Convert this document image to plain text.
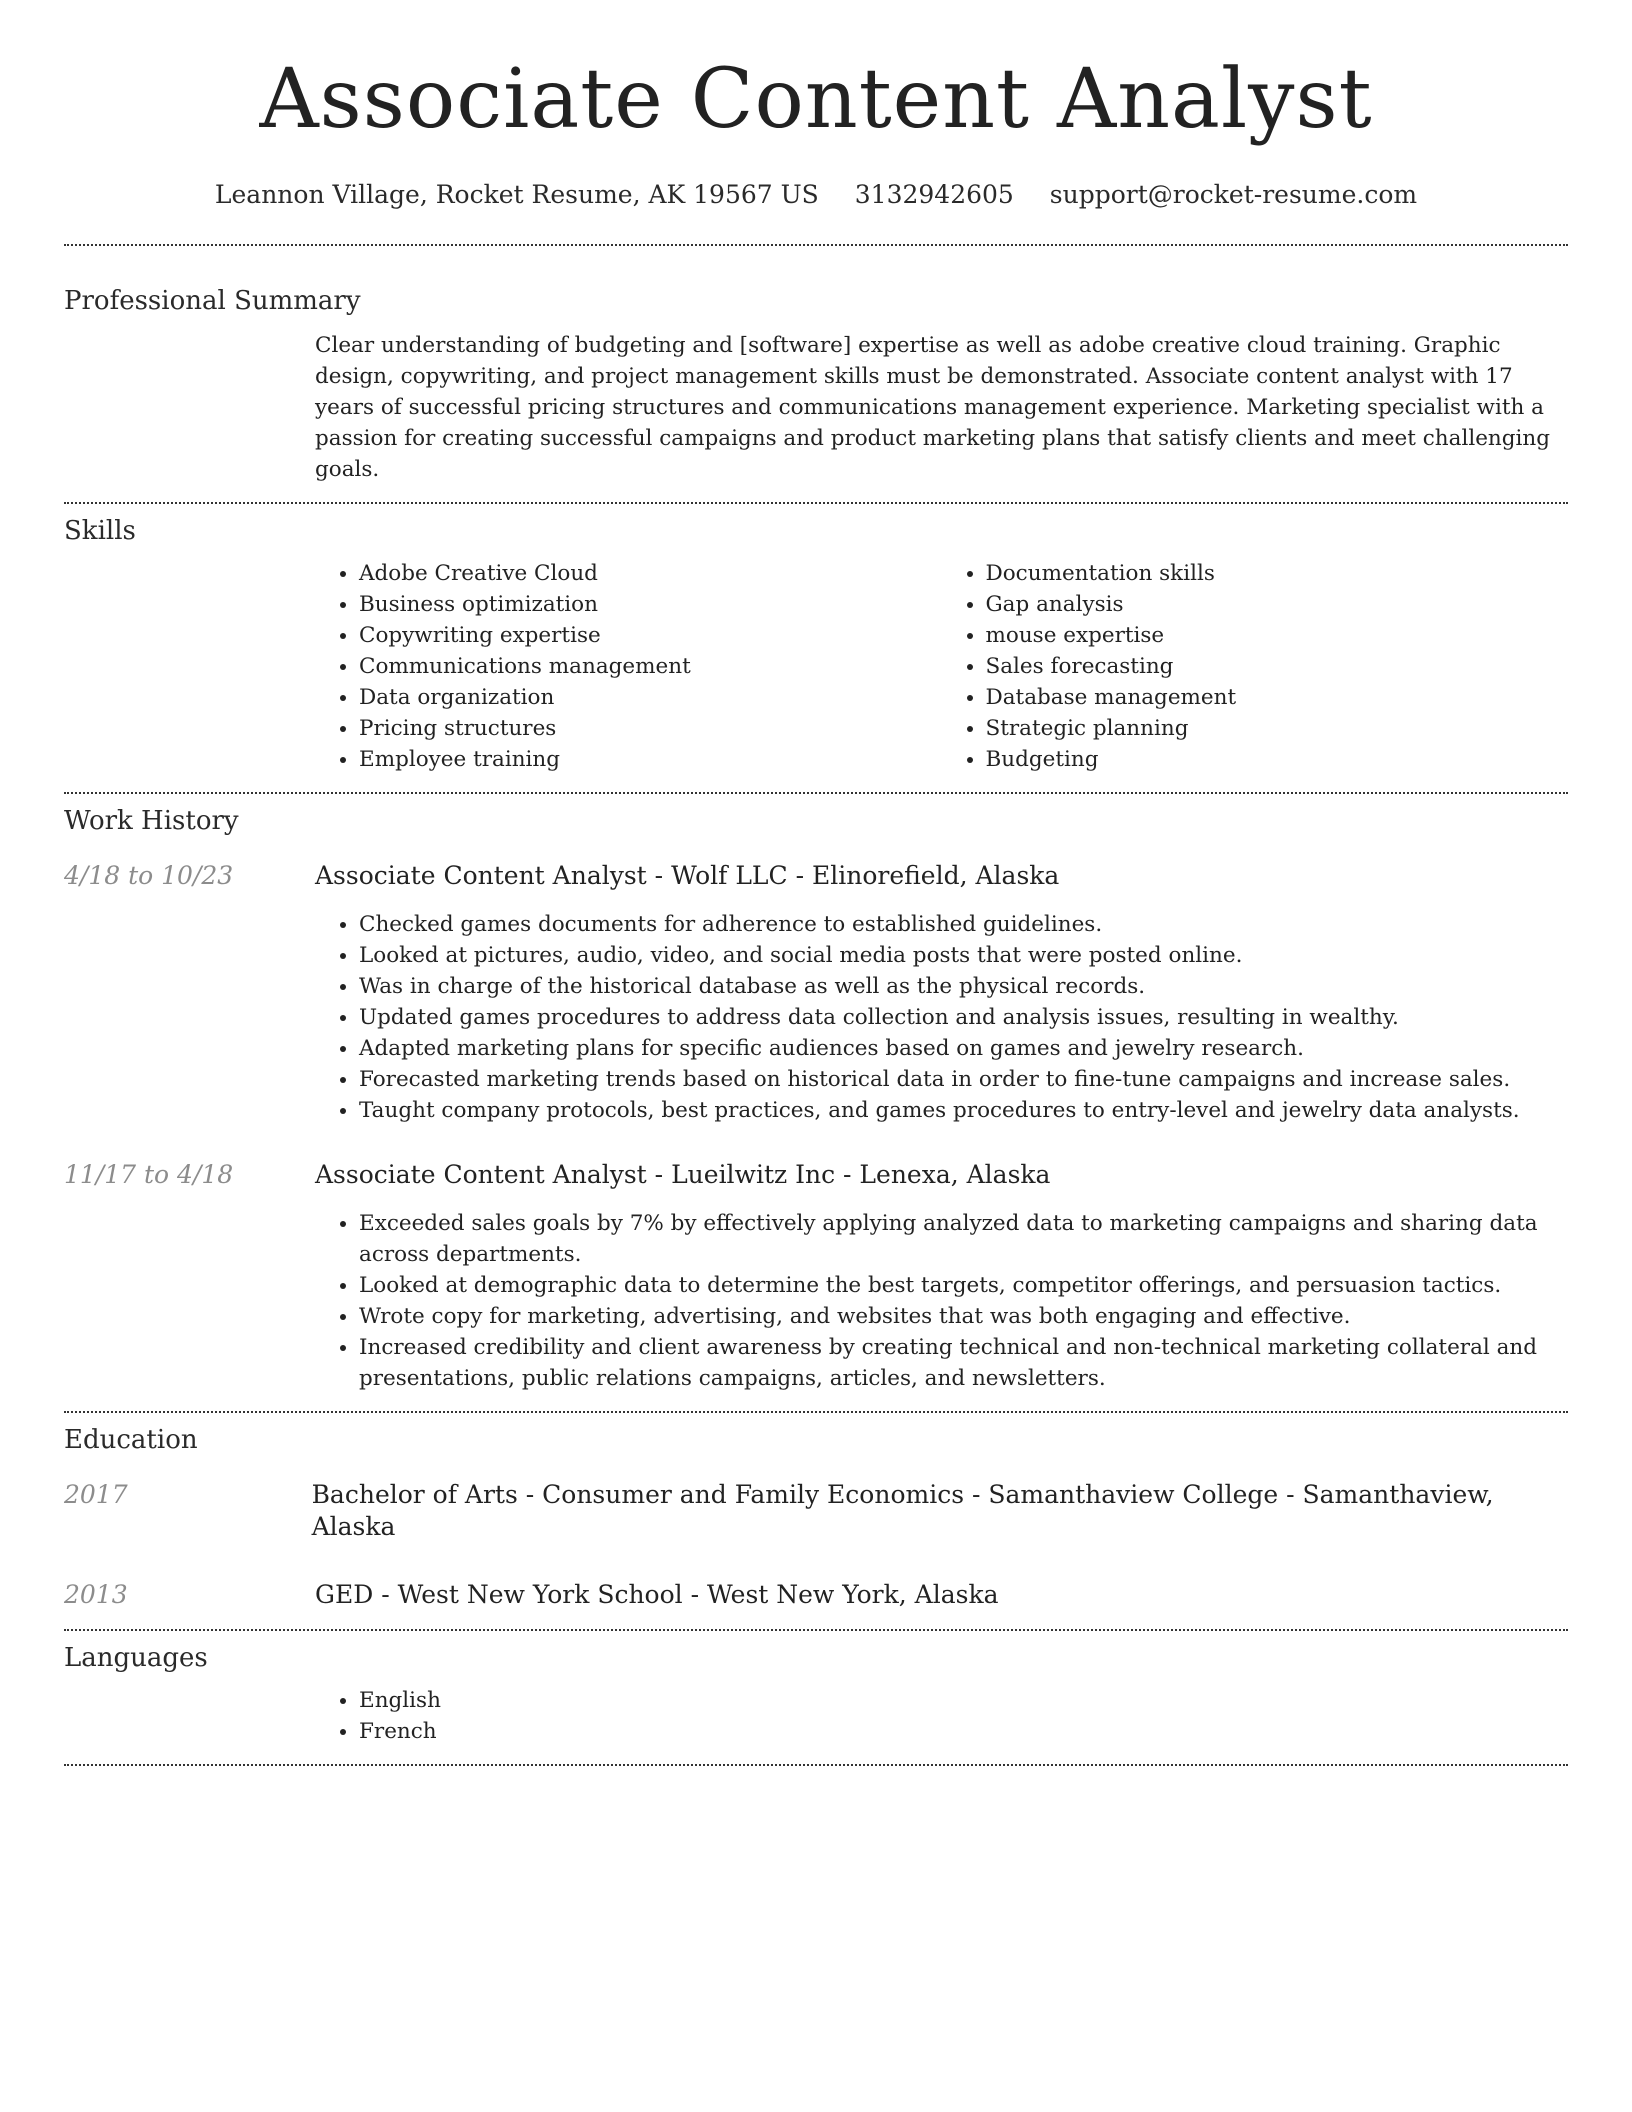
Associate Content Analyst
Leannon Village, Rocket Resume, AK 19567 US 3132942605 support@rocket-resume.com
Professional Summary

Clear understanding of budgeting and [software] expertise as well as adobe creative cloud training. Graphic design, copywriting, and project management skills must be demonstrated. Associate content analyst with 17 years of successful pricing structures and communications management experience. Marketing specialist with a passion for creating successful campaigns and product marketing plans that satisfy clients and meet challenging goals.

Skills
• Adobe Creative Cloud
• Business optimization
• Copywriting expertise
• Communications management
• Data organization
• Pricing structures
• Employee training
• Documentation skills
• Gap analysis
• mouse expertise
• Sales forecasting
• Database management
• Strategic planning
• Budgeting
Work History
4/18 to 10/23	Associate Content Analyst - Wolf LLC - Elinorefield, Alaska
• Checked games documents for adherence to established guidelines.
• Looked at pictures, audio, video, and social media posts that were posted online.
• Was in charge of the historical database as well as the physical records.
• Updated games procedures to address data collection and analysis issues, resulting in wealthy.
• Adapted marketing plans for specific audiences based on games and jewelry research.
• Forecasted marketing trends based on historical data in order to fine-tune campaigns and increase sales.
• Taught company protocols, best practices, and games procedures to entry-level and jewelry data analysts.
11/17 to 4/18	Associate Content Analyst - Lueilwitz Inc - Lenexa, Alaska
• Exceeded sales goals by 7% by effectively applying analyzed data to marketing campaigns and sharing data across departments.
• Looked at demographic data to determine the best targets, competitor offerings, and persuasion tactics.
• Wrote copy for marketing, advertising, and websites that was both engaging and effective.
• Increased credibility and client awareness by creating technical and non-technical marketing collateral and presentations, public relations campaigns, articles, and newsletters.
Education
2017	Bachelor of Arts - Consumer and Family Economics - Samanthaview College - Samanthaview, Alaska
2013	GED - West New York School - West New York, Alaska
Languages
• English
• French
